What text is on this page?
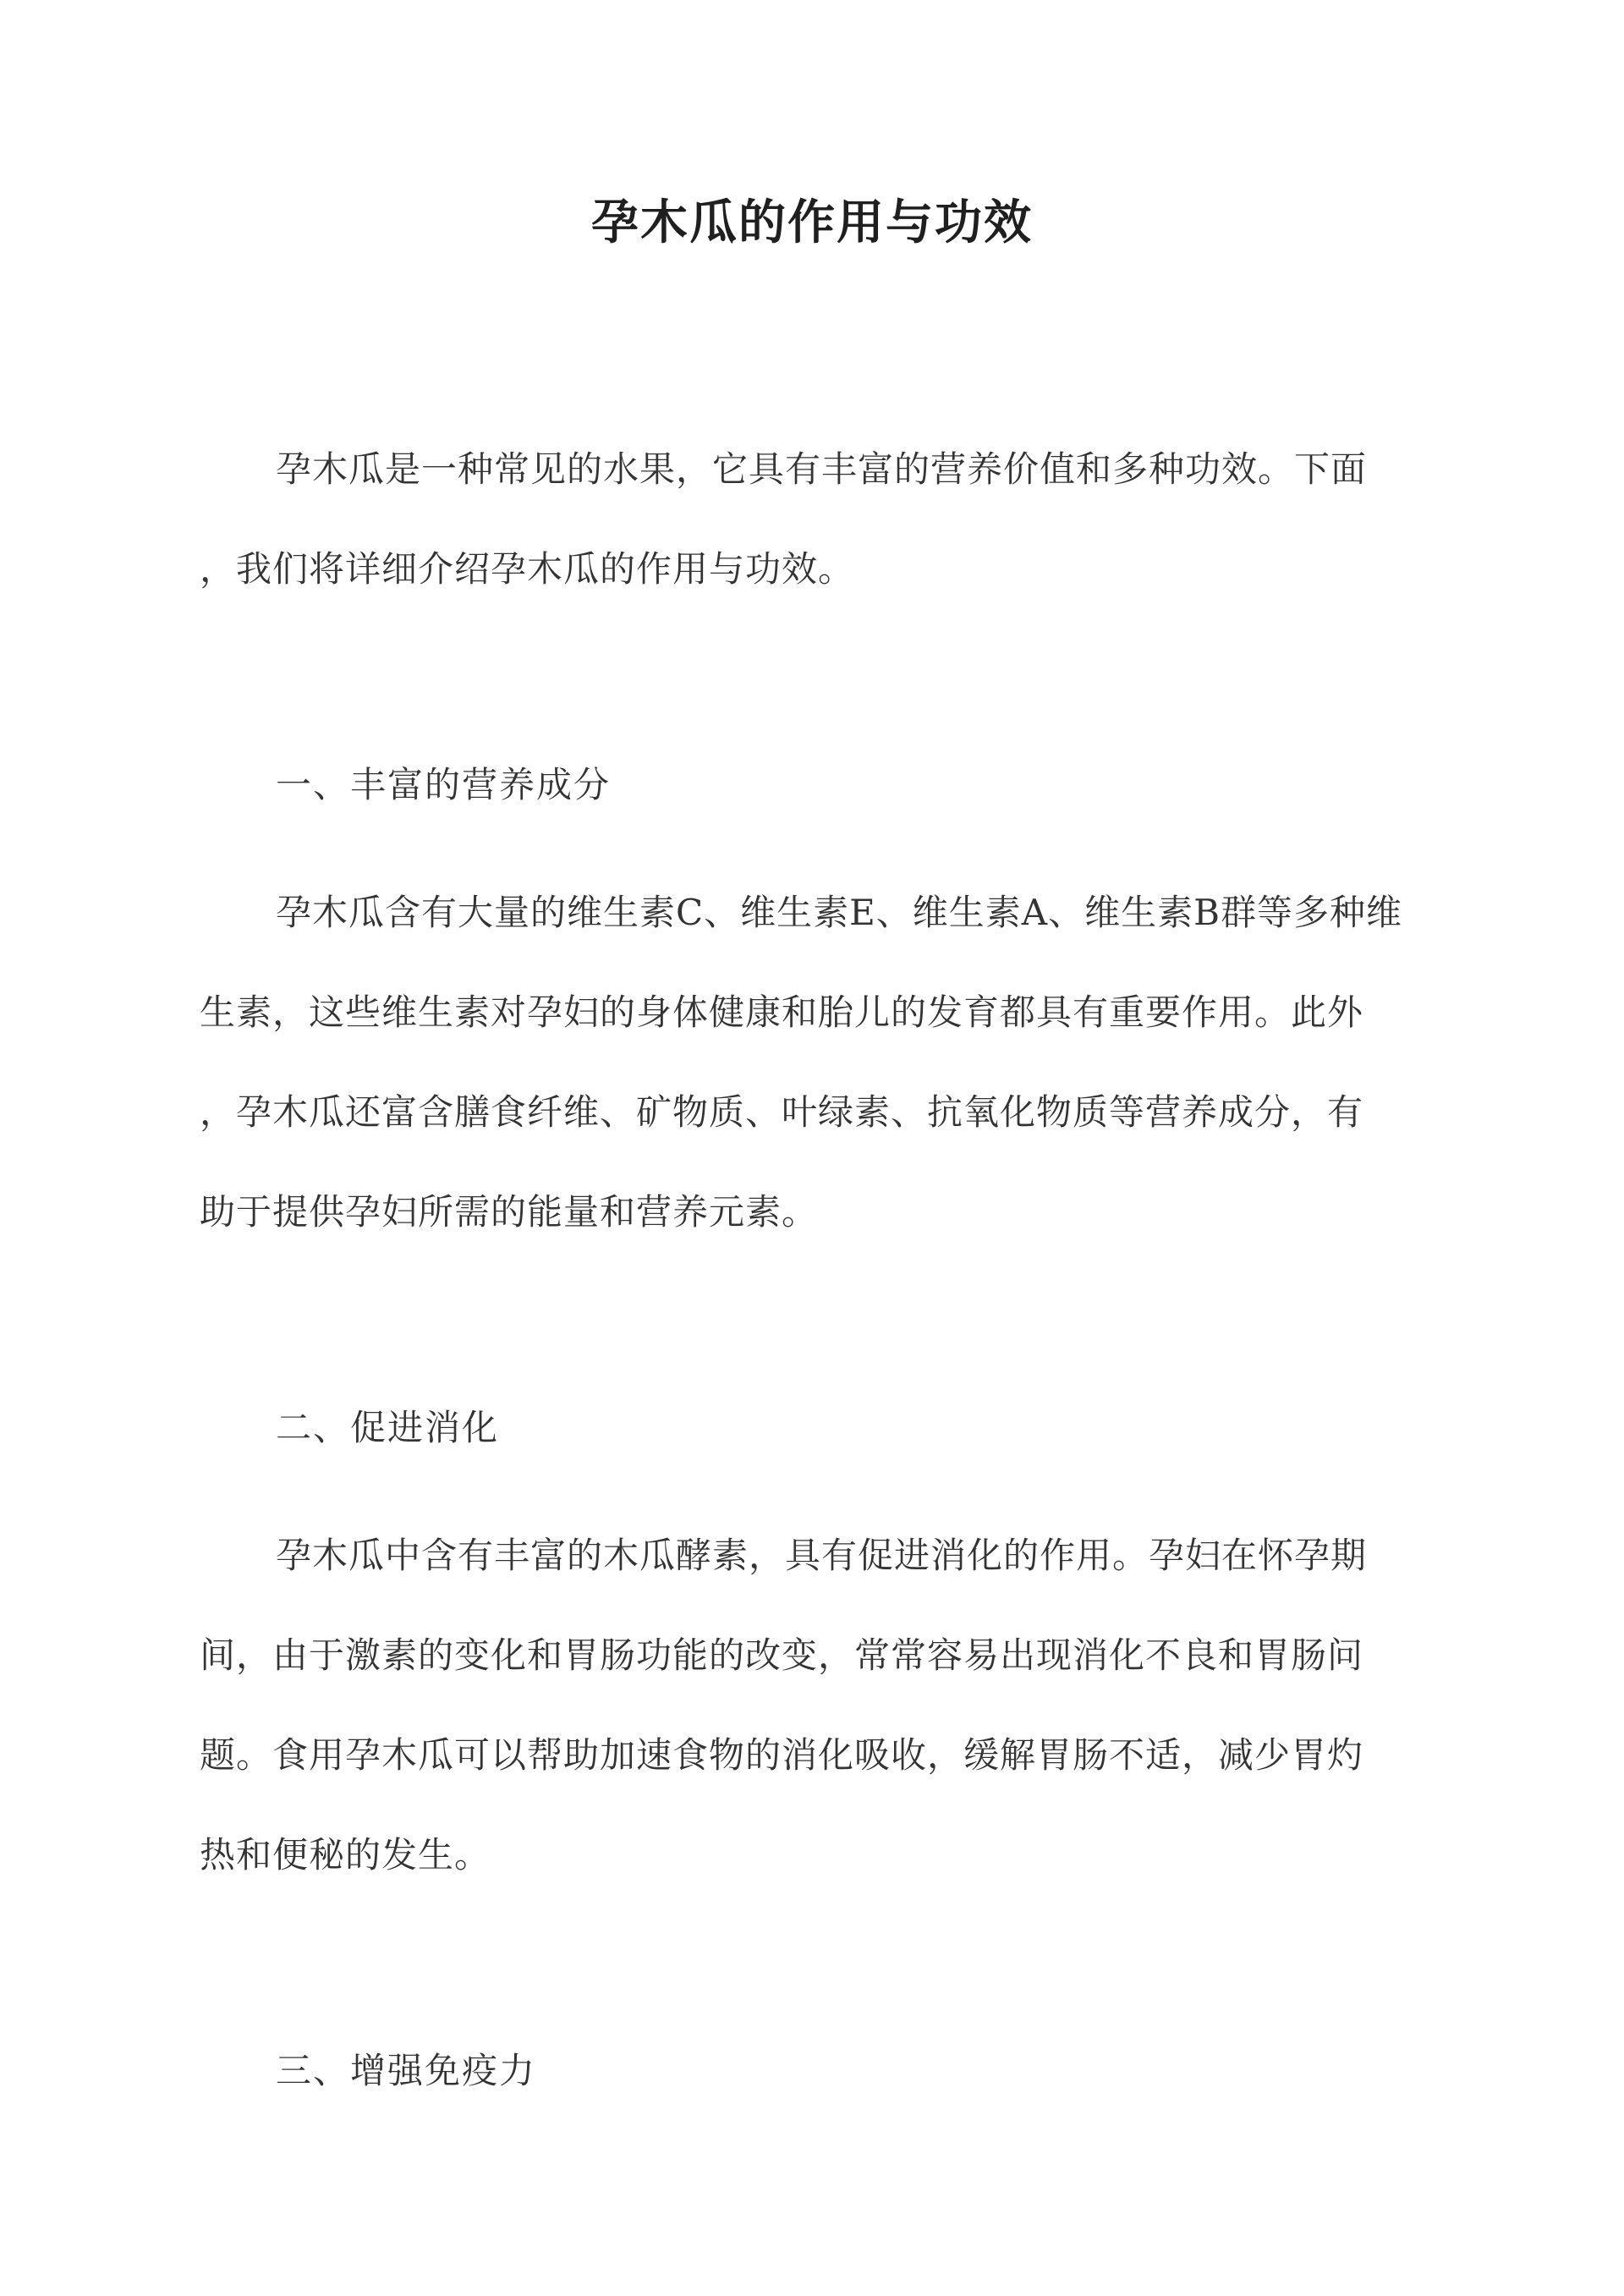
孕木瓜的作用与功效
孕木瓜是一种常见的水果，它具有丰富的营养价值和多种功效。下面
，我们将详细介绍孕木瓜的作用与功效。
一、丰富的营养成分
孕木瓜含有大量的维生素C、维生素E、维生素A、维生素B群等多种维
生素，这些维生素对孕妇的身体健康和胎儿的发育都具有重要作用。此外
，孕木瓜还富含膳食纤维、矿物质、叶绿素、抗氧化物质等营养成分，有
助于提供孕妇所需的能量和营养元素。
二、促进消化
孕木瓜中含有丰富的木瓜酵素，具有促进消化的作用。孕妇在怀孕期
间，由于激素的变化和胃肠功能的改变，常常容易出现消化不良和胃肠问
题。食用孕木瓜可以帮助加速食物的消化吸收，缓解胃肠不适，减少胃灼
热和便秘的发生。
三、增强免疫力
